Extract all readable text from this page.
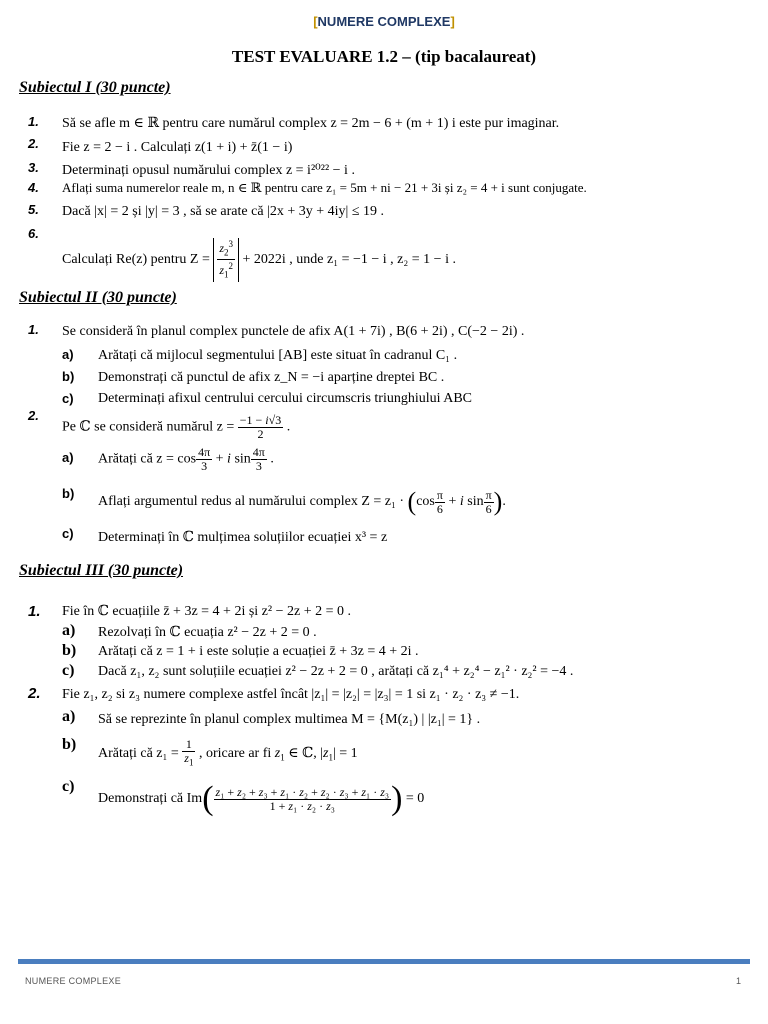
[NUMERE COMPLEXE]
TEST EVALUARE 1.2 – (tip bacalaureat)
Subiectul I (30 puncte)
1. Să se afle m ∈ ℝ pentru care numărul complex z = 2m − 6 + (m + 1) i este pur imaginar.
2. Fie z = 2 − i . Calculați z(1 + i) + z̄(1 − i)
3. Determinați opusul numărului complex z = i²⁰²² − i .
4. Aflați suma numerelor reale m, n ∈ ℝ pentru care z₁ = 5m + ni − 21 + 3i și z₂ = 4 + i sunt conjugate.
5. Dacă |x| = 2 și |y| = 3 , să se arate că |2x + 3y + 4iy| ≤ 19 .
6.
Calculați Re(z) pentru $Z = \frac{z_2^3}{z_1^2} + 2022i$ , unde z₁ = −1 − i , z₂ = 1 − i .
Subiectul II (30 puncte)
1. Se consideră în planul complex punctele de afix A(1 + 7i) , B(6 + 2i) , C(−2 − 2i) .
a) Arătați că mijlocul segmentului [AB] este situat în cadranul C₁ .
b) Demonstrați că punctul de afix z_N = −i aparține dreptei BC .
c) Determinați afixul centrului cercului circumscris triunghiului ABC
2.
Pe ℂ se consideră numărul $z = \frac{-1 - i√3}{2}$ .
a) Arătați că $z = \cos \frac{4\pi}{3} + i$ $\sin \frac{4\pi}{3}$ .
b)
Aflați argumentul redus al numărului complex $Z = z_1 \cdot (\cos \frac{\pi}{6} + i$ $\sin \frac{\pi}{6}$ ).
c) Determinați în ℂ mulțimea soluțiilor ecuației x³ = z
Subiectul III (30 puncte)
1. Fie în ℂ ecuațiile z̄ + 3z = 4 + 2i și z² − 2z + 2 = 0 .
a) Rezolvați în ℂ ecuația z² − 2z + 2 = 0 .
b) Arătați că z = 1 + i este soluție a ecuației z̄ + 3z = 4 + 2i .
c) Dacă z₁, z₂ sunt soluțiile ecuației z² − 2z + 2 = 0 , arătați că z₁⁴ + z₂⁴ − z₁² · z₂² = −4 .
2. Fie z₁, z₂ si z₃ numere complexe astfel încât |z₁| = |z₂| = |z₃| = 1 si z₁ · z₂ · z₃ ≠ −1.
a) Să se reprezinte în planul complex multimea M = {M(z₁) | |z₁| = 1} .
b)
Arătați că $z_1 = \frac{1}{z_1}$ , oricare ar fi $z_1$ ∈ ℂ, $|z_1| = 1$
c)
Demonstrați că $Im( \frac{\text{z₁ + z₂ + z₃ + z₁ · z₂ + z₂ · z₃ + z₁ · z₃}}{\text{1 + z₁ · z₂ · z₃}}$ ) = 0
NUMERE COMPLEXE	1
